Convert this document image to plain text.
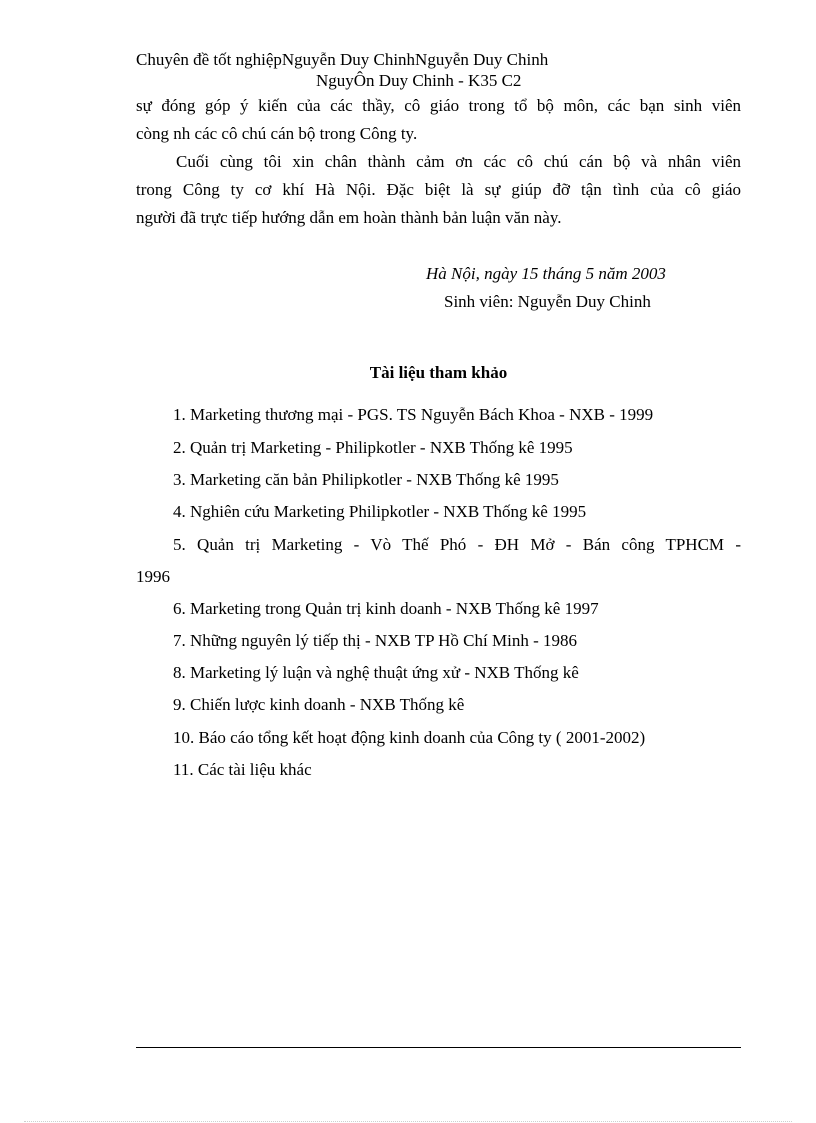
Chuyên đề tốt nghiệpNguyễn Duy ChinhNguyễn Duy Chinh
NguyÔn Duy Chinh - K35 C2
sự đóng góp ý kiến của các thầy, cô giáo trong tổ bộ môn, các bạn sinh viên
còng nh các cô chú cán bộ trong Công ty.
Cuối cùng tôi xin chân thành cảm ơn các cô chú cán bộ và nhân viên
trong Công ty cơ khí Hà Nội. Đặc biệt là sự giúp đỡ tận tình của cô giáo
người đã trực tiếp hướng dẫn em hoàn thành bản luận văn này.
Hà Nội, ngày 15 tháng 5 năm 2003
Sinh viên: Nguyễn Duy Chinh
Tài liệu tham khảo
1. Marketing thương mại - PGS. TS Nguyễn Bách Khoa - NXB - 1999
2. Quản trị Marketing - Philipkotler - NXB Thống kê 1995
3. Marketing căn bản Philipkotler - NXB Thống kê 1995
4. Nghiên cứu Marketing Philipkotler - NXB Thống kê 1995
5. Quản trị Marketing - Vò Thế Phó - ĐH Mở - Bán công TPHCM -
1996
6. Marketing trong Quản trị kinh doanh - NXB Thống kê 1997
7. Những nguyên lý tiếp thị - NXB TP Hồ Chí Minh - 1986
8. Marketing lý luận và nghệ thuật ứng xử - NXB Thống kê
9. Chiến lược kinh doanh - NXB Thống kê
10. Báo cáo tổng kết hoạt động kinh doanh của Công ty ( 2001-2002)
11. Các tài liệu khác
